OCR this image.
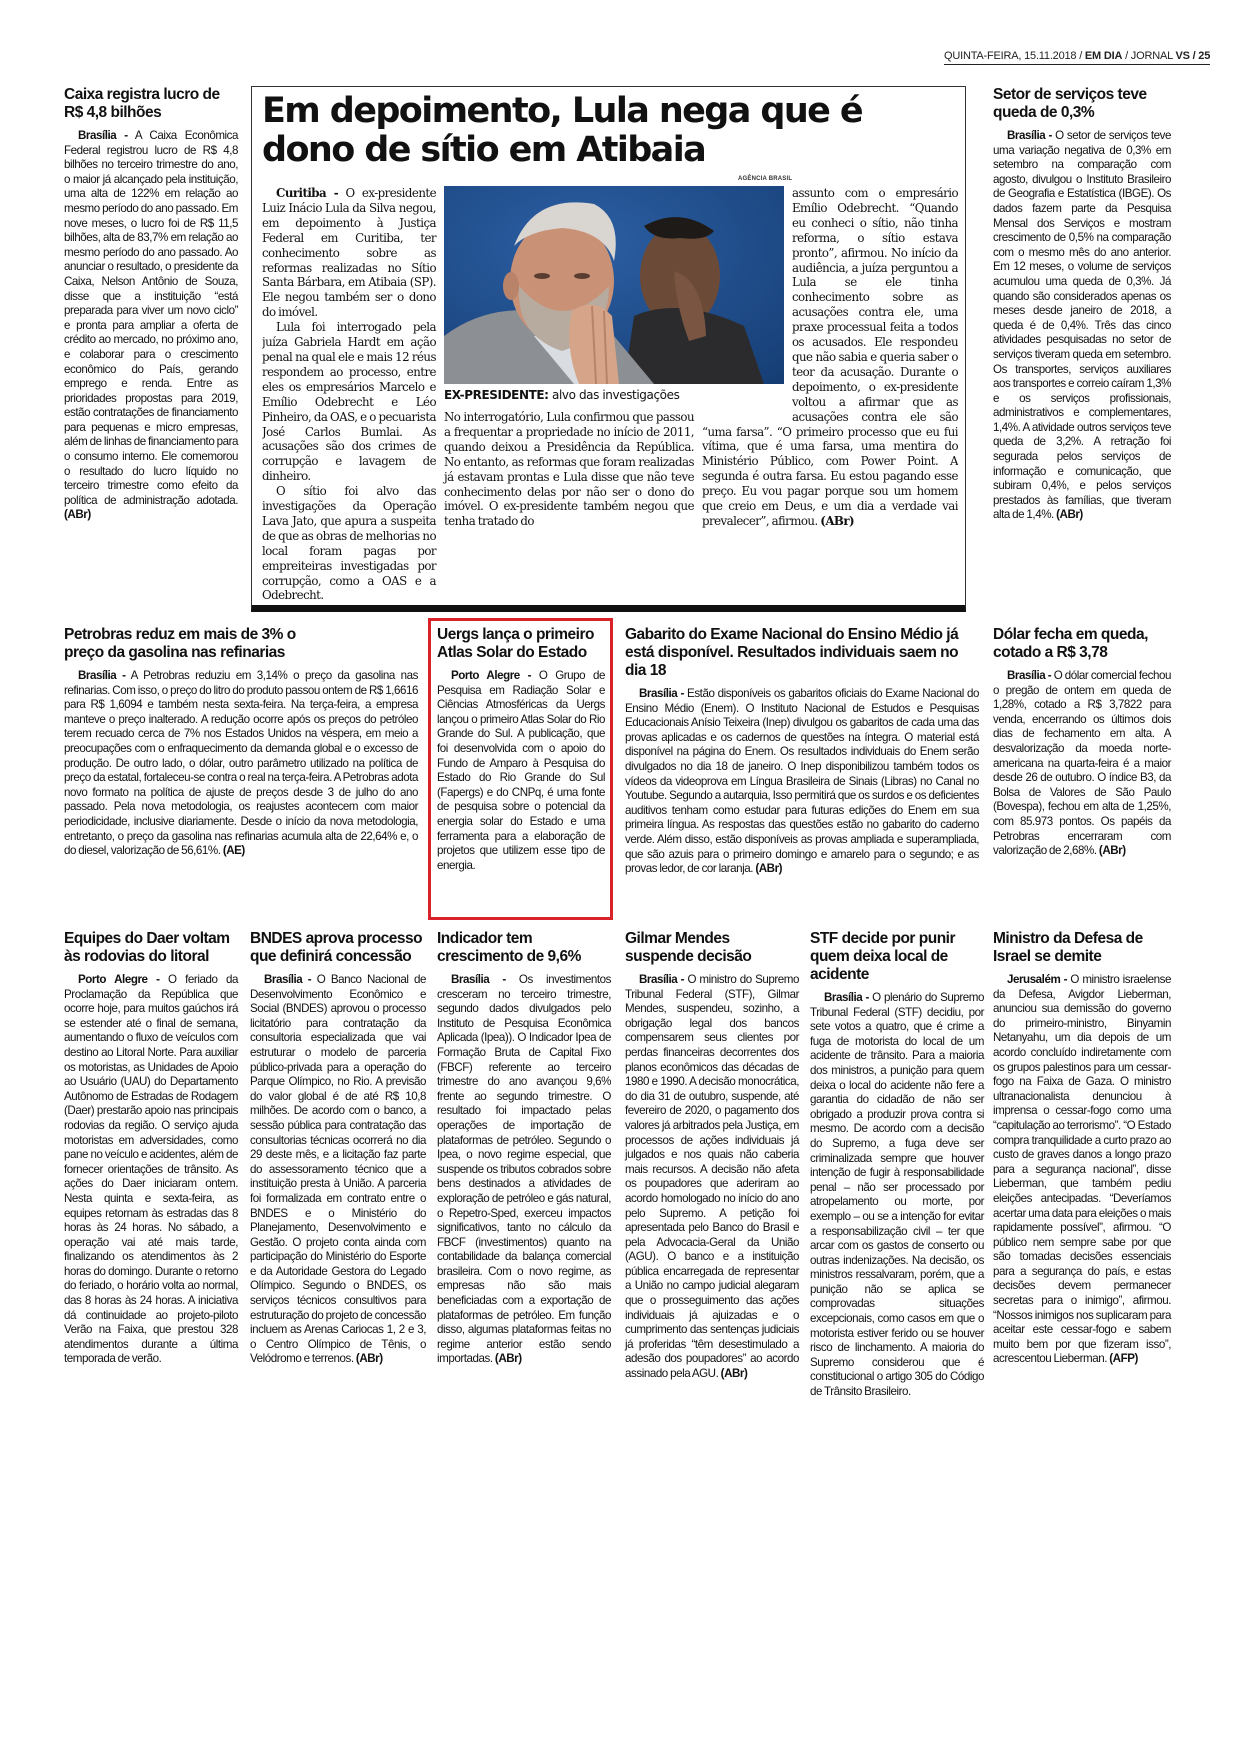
QUINTA-FEIRA, 15.11.2018 / EM DIA / JORNAL VS / 25
Caixa registra lucro de R$ 4,8 bilhões

Brasília - A Caixa Econômica Federal registrou lucro de R$ 4,8 bilhões no terceiro trimestre do ano, o maior já alcançado pela instituição, uma alta de 122% em relação ao mesmo período do ano passado. Em nove meses, o lucro foi de R$ 11,5 bilhões, alta de 83,7% em relação ao mesmo período do ano passado. Ao anunciar o resultado, o presidente da Caixa, Nelson Antônio de Souza, disse que a instituição “está preparada para viver um novo ciclo” e pronta para ampliar a oferta de crédito ao mercado, no próximo ano, e colaborar para o crescimento econômico do País, gerando emprego e renda. Entre as prioridades propostas para 2019, estão contratações de financiamento para pequenas e micro empresas, além de linhas de financiamento para o consumo interno. Ele comemorou o resultado do lucro líquido no terceiro trimestre como efeito da política de administração adotada. (ABr)

Em depoimento, Lula nega que é dono de sítio em Atibaia
AGÊNCIA BRASIL
EX-PRESIDENTE: alvo das investigações

Curitiba - O ex-presidente Luiz Inácio Lula da Silva negou, em depoimento à Justiça Federal em Curitiba, ter conhecimento sobre as reformas realizadas no Sítio Santa Bárbara, em Atibaia (SP). Ele negou também ser o dono do imóvel.

Lula foi interrogado pela juíza Gabriela Hardt em ação penal na qual ele e mais 12 réus respondem ao processo, entre eles os empresários Marcelo e Emílio Odebrecht e Léo Pinheiro, da OAS, e o pecuarista José Carlos Bumlai. As acusações são dos crimes de corrupção e lavagem de dinheiro.

O sítio foi alvo das investigações da Operação Lava Jato, que apura a suspeita de que as obras de melhorias no local foram pagas por empreiteiras investigadas por corrupção, como a OAS e a Odebrecht.

No interrogatório, Lula confirmou que passou a frequentar a propriedade no início de 2011, quando deixou a Presidência da República. No entanto, as reformas que foram realizadas já estavam prontas e Lula disse que não teve conhecimento delas por não ser o dono do imóvel. O ex-presidente também negou que tenha tratado do

assunto com o empresário Emílio Odebrecht. “Quando eu conheci o sítio, não tinha reforma, o sítio estava pronto”, afirmou. No início da audiência, a juíza perguntou a Lula se ele tinha conhecimento sobre as acusações contra ele, uma praxe processual feita a todos os acusados. Ele respondeu que não sabia e queria saber o teor da acusação. Durante o depoimento, o ex-presidente voltou a afirmar que as acusações contra ele são “uma farsa”. “O primeiro processo que eu fui vítima, que é uma farsa, uma mentira do Ministério Público, com Power Point. A segunda é outra farsa. Eu estou pagando esse preço. Eu vou pagar porque sou um homem que creio em Deus, e um dia a verdade vai prevalecer”, afirmou. (ABr)

Setor de serviços teve queda de 0,3%

Brasília - O setor de serviços teve uma variação negativa de 0,3% em setembro na comparação com agosto, divulgou o Instituto Brasileiro de Geografia e Estatística (IBGE). Os dados fazem parte da Pesquisa Mensal dos Serviços e mostram crescimento de 0,5% na comparação com o mesmo mês do ano anterior. Em 12 meses, o volume de serviços acumulou uma queda de 0,3%. Já quando são considerados apenas os meses desde janeiro de 2018, a queda é de 0,4%. Três das cinco atividades pesquisadas no setor de serviços tiveram queda em setembro. Os transportes, serviços auxiliares aos transportes e correio caíram 1,3% e os serviços profissionais, administrativos e complementares, 1,4%. A atividade outros serviços teve queda de 3,2%. A retração foi segurada pelos serviços de informação e comunicação, que subiram 0,4%, e pelos serviços prestados às famílias, que tiveram alta de 1,4%. (ABr)

Petrobras reduz em mais de 3% o preço da gasolina nas refinarias

Brasília - A Petrobras reduziu em 3,14% o preço da gasolina nas refinarias. Com isso, o preço do litro do produto passou ontem de R$ 1,6616 para R$ 1,6094 e também nesta sexta-feira. Na terça-feira, a empresa manteve o preço inalterado. A redução ocorre após os preços do petróleo terem recuado cerca de 7% nos Estados Unidos na véspera, em meio a preocupações com o enfraquecimento da demanda global e o excesso de produção. De outro lado, o dólar, outro parâmetro utilizado na política de preço da estatal, fortaleceu-se contra o real na terça-feira. A Petrobras adota novo formato na política de ajuste de preços desde 3 de julho do ano passado. Pela nova metodologia, os reajustes acontecem com maior periodicidade, inclusive diariamente. Desde o início da nova metodologia, entretanto, o preço da gasolina nas refinarias acumula alta de 22,64% e, o do diesel, valorização de 56,61%. (AE)

Uergs lança o primeiro Atlas Solar do Estado

Porto Alegre - O Grupo de Pesquisa em Radiação Solar e Ciências Atmosféricas da Uergs lançou o primeiro Atlas Solar do Rio Grande do Sul. A publicação, que foi desenvolvida com o apoio do Fundo de Amparo à Pesquisa do Estado do Rio Grande do Sul (Fapergs) e do CNPq, é uma fonte de pesquisa sobre o potencial da energia solar do Estado e uma ferramenta para a elaboração de projetos que utilizem esse tipo de energia.

Gabarito do Exame Nacional do Ensino Médio já está disponível. Resultados individuais saem no dia 18

Brasília - Estão disponíveis os gabaritos oficiais do Exame Nacional do Ensino Médio (Enem). O Instituto Nacional de Estudos e Pesquisas Educacionais Anísio Teixeira (Inep) divulgou os gabaritos de cada uma das provas aplicadas e os cadernos de questões na íntegra. O material está disponível na página do Enem. Os resultados individuais do Enem serão divulgados no dia 18 de janeiro. O Inep disponibilizou também todos os vídeos da videoprova em Língua Brasileira de Sinais (Libras) no Canal no Youtube. Segundo a autarquia, Isso permitirá que os surdos e os deficientes auditivos tenham como estudar para futuras edições do Enem em sua primeira língua. As respostas das questões estão no gabarito do caderno verde. Além disso, estão disponíveis as provas ampliada e superampliada, que são azuis para o primeiro domingo e amarelo para o segundo; e as provas ledor, de cor laranja. (ABr)

Dólar fecha em queda, cotado a R$ 3,78

Brasília - O dólar comercial fechou o pregão de ontem em queda de 1,28%, cotado a R$ 3,7822 para venda, encerrando os últimos dois dias de fechamento em alta. A desvalorização da moeda norte-americana na quarta-feira é a maior desde 26 de outubro. O índice B3, da Bolsa de Valores de São Paulo (Bovespa), fechou em alta de 1,25%, com 85.973 pontos. Os papéis da Petrobras encerraram com valorização de 2,68%. (ABr)

Equipes do Daer voltam às rodovias do litoral

Porto Alegre - O feriado da Proclamação da República que ocorre hoje, para muitos gaúchos irá se estender até o final de semana, aumentando o fluxo de veículos com destino ao Litoral Norte. Para auxiliar os motoristas, as Unidades de Apoio ao Usuário (UAU) do Departamento Autônomo de Estradas de Rodagem (Daer) prestarão apoio nas principais rodovias da região. O serviço ajuda motoristas em adversidades, como pane no veículo e acidentes, além de fornecer orientações de trânsito. As ações do Daer iniciaram ontem. Nesta quinta e sexta-feira, as equipes retornam às estradas das 8 horas às 24 horas. No sábado, a operação vai até mais tarde, finalizando os atendimentos às 2 horas do domingo. Durante o retorno do feriado, o horário volta ao normal, das 8 horas às 24 horas. A iniciativa dá continuidade ao projeto-piloto Verão na Faixa, que prestou 328 atendimentos durante a última temporada de verão.

BNDES aprova processo que definirá concessão

Brasília - O Banco Nacional de Desenvolvimento Econômico e Social (BNDES) aprovou o processo licitatório para contratação da consultoria especializada que vai estruturar o modelo de parceria público-privada para a operação do Parque Olímpico, no Rio. A previsão do valor global é de até R$ 10,8 milhões. De acordo com o banco, a sessão pública para contratação das consultorias técnicas ocorrerá no dia 29 deste mês, e a licitação faz parte do assessoramento técnico que a instituição presta à União. A parceria foi formalizada em contrato entre o BNDES e o Ministério do Planejamento, Desenvolvimento e Gestão. O projeto conta ainda com participação do Ministério do Esporte e da Autoridade Gestora do Legado Olímpico. Segundo o BNDES, os serviços técnicos consultivos para estruturação do projeto de concessão incluem as Arenas Cariocas 1, 2 e 3, o Centro Olímpico de Tênis, o Velódromo e terrenos. (ABr)

Indicador tem crescimento de 9,6%

Brasília - Os investimentos cresceram no terceiro trimestre, segundo dados divulgados pelo Instituto de Pesquisa Econômica Aplicada (Ipea)). O Indicador Ipea de Formação Bruta de Capital Fixo (FBCF) referente ao terceiro trimestre do ano avançou 9,6% frente ao segundo trimestre. O resultado foi impactado pelas operações de importação de plataformas de petróleo. Segundo o Ipea, o novo regime especial, que suspende os tributos cobrados sobre bens destinados a atividades de exploração de petróleo e gás natural, o Repetro-Sped, exerceu impactos significativos, tanto no cálculo da FBCF (investimentos) quanto na contabilidade da balança comercial brasileira. Com o novo regime, as empresas não são mais beneficiadas com a exportação de plataformas de petróleo. Em função disso, algumas plataformas feitas no regime anterior estão sendo importadas. (ABr)

Gilmar Mendes suspende decisão

Brasília - O ministro do Supremo Tribunal Federal (STF), Gilmar Mendes, suspendeu, sozinho, a obrigação legal dos bancos compensarem seus clientes por perdas financeiras decorrentes dos planos econômicos das décadas de 1980 e 1990. A decisão monocrática, do dia 31 de outubro, suspende, até fevereiro de 2020, o pagamento dos valores já arbitrados pela Justiça, em processos de ações individuais já julgados e nos quais não caberia mais recursos. A decisão não afeta os poupadores que aderiram ao acordo homologado no início do ano pelo Supremo. A petição foi apresentada pelo Banco do Brasil e pela Advocacia-Geral da União (AGU). O banco e a instituição pública encarregada de representar a União no campo judicial alegaram que o prosseguimento das ações individuais já ajuizadas e o cumprimento das sentenças judiciais já proferidas “têm desestimulado a adesão dos poupadores” ao acordo assinado pela AGU. (ABr)

STF decide por punir quem deixa local de acidente

Brasília - O plenário do Supremo Tribunal Federal (STF) decidiu, por sete votos a quatro, que é crime a fuga de motorista do local de um acidente de trânsito. Para a maioria dos ministros, a punição para quem deixa o local do acidente não fere a garantia do cidadão de não ser obrigado a produzir prova contra si mesmo. De acordo com a decisão do Supremo, a fuga deve ser criminalizada sempre que houver intenção de fugir à responsabilidade penal – não ser processado por atropelamento ou morte, por exemplo – ou se a intenção for evitar a responsabilização civil – ter que arcar com os gastos de conserto ou outras indenizações. Na decisão, os ministros ressalvaram, porém, que a punição não se aplica se comprovadas situações excepcionais, como casos em que o motorista estiver ferido ou se houver risco de linchamento. A maioria do Supremo considerou que é constitucional o artigo 305 do Código de Trânsito Brasileiro.

Ministro da Defesa de Israel se demite

Jerusalém - O ministro israelense da Defesa, Avigdor Lieberman, anunciou sua demissão do governo do primeiro-ministro, Binyamin Netanyahu, um dia depois de um acordo concluído indiretamente com os grupos palestinos para um cessar-fogo na Faixa de Gaza. O ministro ultranacionalista denunciou à imprensa o cessar-fogo como uma “capitulação ao terrorismo”. “O Estado compra tranquilidade a curto prazo ao custo de graves danos a longo prazo para a segurança nacional”, disse Lieberman, que também pediu eleições antecipadas. “Deveríamos acertar uma data para eleições o mais rapidamente possível”, afirmou. “O público nem sempre sabe por que são tomadas decisões essenciais para a segurança do país, e estas decisões devem permanecer secretas para o inimigo”, afirmou. “Nossos inimigos nos suplicaram para aceitar este cessar-fogo e sabem muito bem por que fizeram isso”, acrescentou Lieberman. (AFP)
